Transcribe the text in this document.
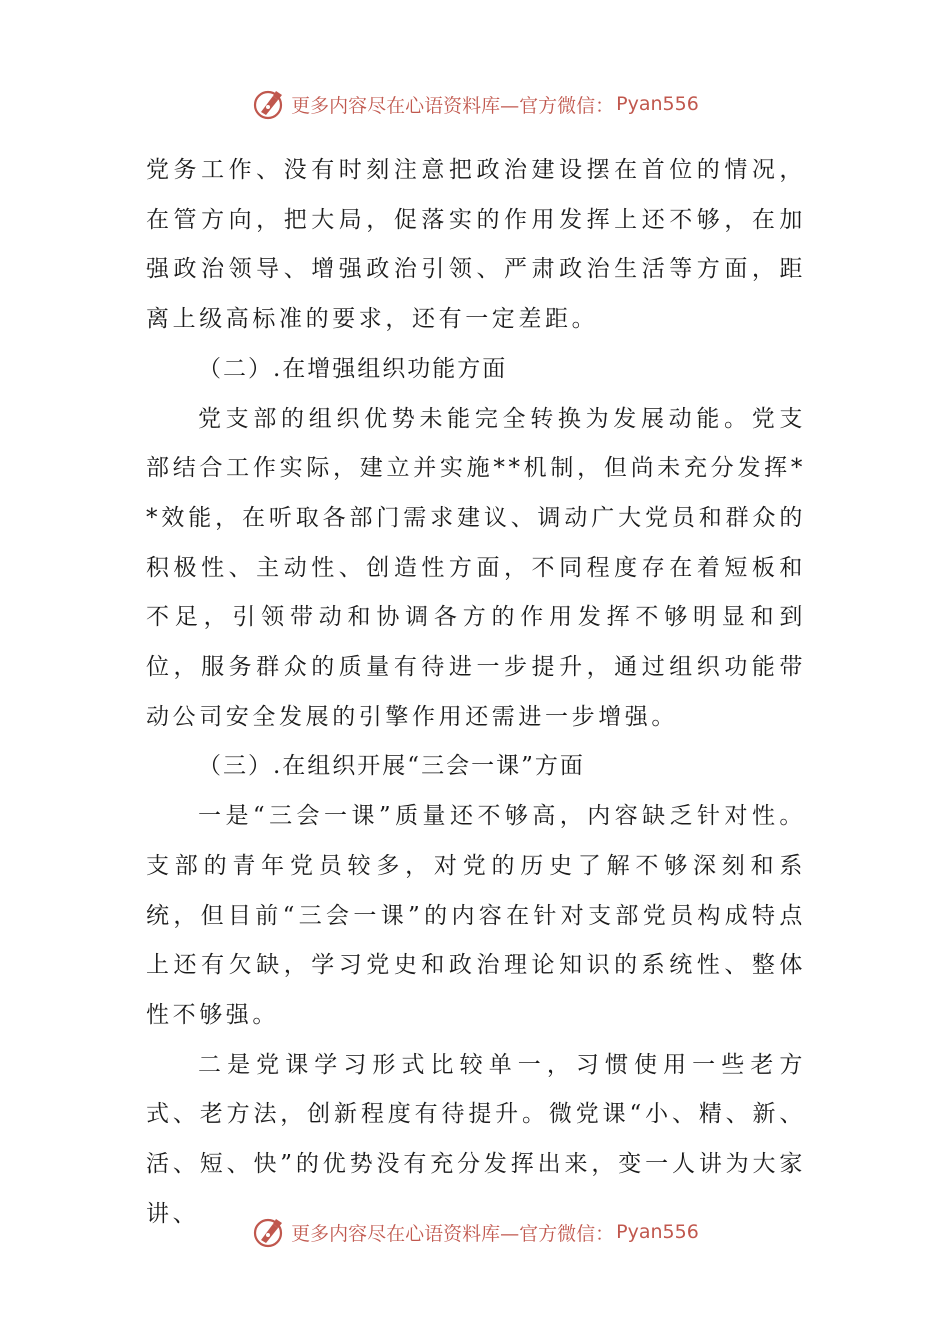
更多内容尽在心语资料库—官方微信： Pyan556

党务工作、没有时刻注意把政治建设摆在首位的情况，在管方向，把大局，促落实的作用发挥上还不够，在加强政治领导、增强政治引领、严肃政治生活等方面，距离上级高标准的要求，还有一定差距。

（二）.在增强组织功能方面

党支部的组织优势未能完全转换为发展动能。党支部结合工作实际，建立并实施**机制，但尚未充分发挥**效能，在听取各部门需求建议、调动广大党员和群众的积极性、主动性、创造性方面，不同程度存在着短板和不足，引领带动和协调各方的作用发挥不够明显和到位，服务群众的质量有待进一步提升，通过组织功能带动公司安全发展的引擎作用还需进一步增强。

（三）.在组织开展“三会一课”方面

一是“三会一课”质量还不够高，内容缺乏针对性。支部的青年党员较多，对党的历史了解不够深刻和系统，但目前“三会一课”的内容在针对支部党员构成特点上还有欠缺，学习党史和政治理论知识的系统性、整体性不够强。

二是党课学习形式比较单一，习惯使用一些老方式、老方法，创新程度有待提升。微党课“小、精、新、活、短、快”的优势没有充分发挥出来，变一人讲为大家讲、

更多内容尽在心语资料库—官方微信： Pyan556
